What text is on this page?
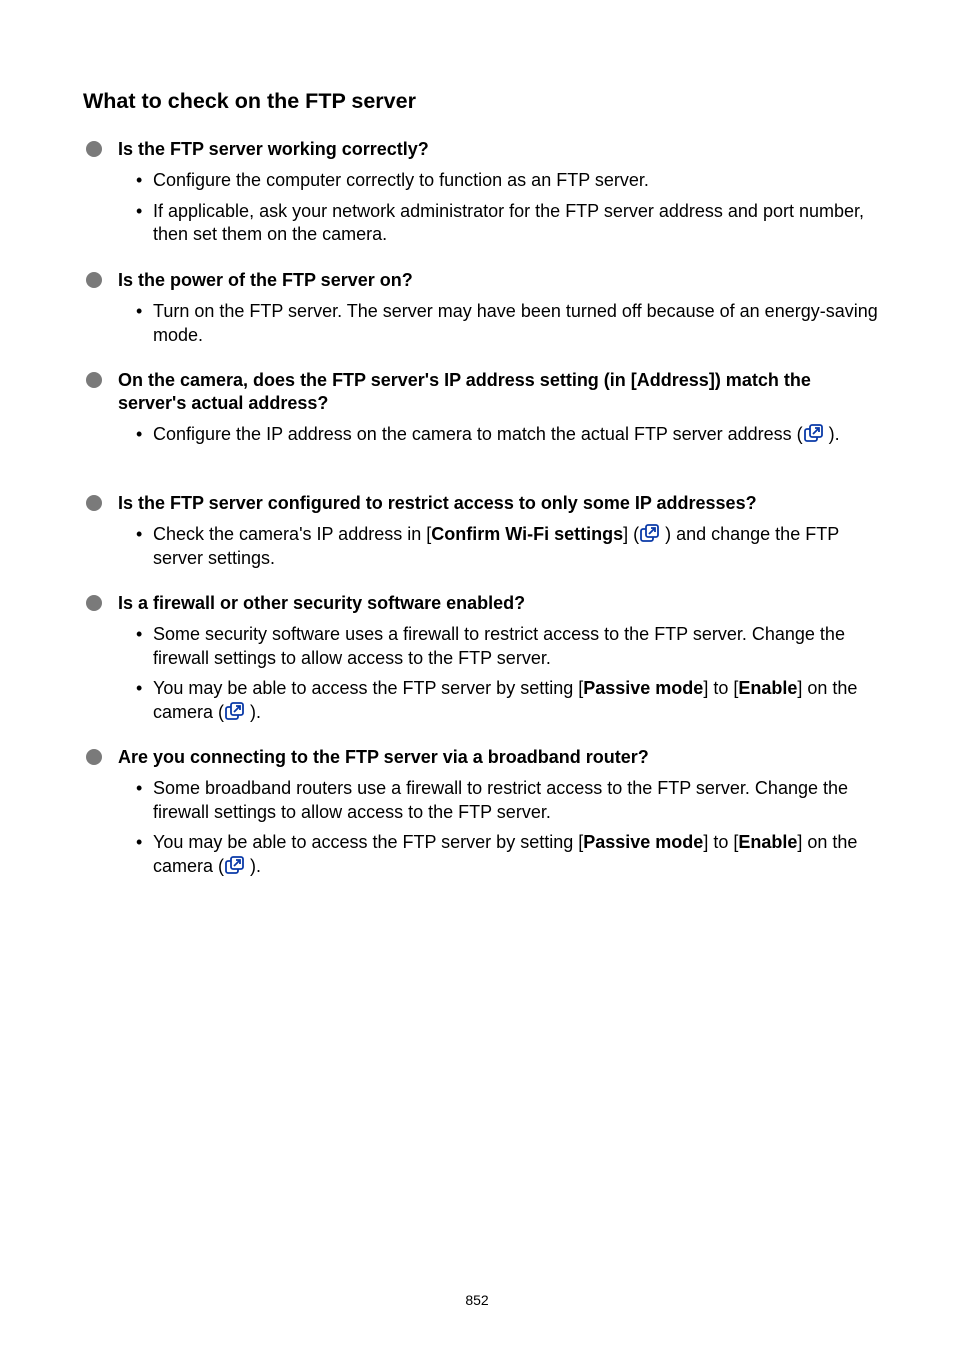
What to check on the FTP server
Is the FTP server working correctly?
• Configure the computer correctly to function as an FTP server.
• If applicable, ask your network administrator for the FTP server address and port number, then set them on the camera.
Is the power of the FTP server on?
• Turn on the FTP server. The server may have been turned off because of an energy-saving mode.
On the camera, does the FTP server's IP address setting (in [Address]) match the server's actual address?
• Configure the IP address on the camera to match the actual FTP server address ( ).
Is the FTP server configured to restrict access to only some IP addresses?
• Check the camera's IP address in [Confirm Wi-Fi settings] ( ) and change the FTP server settings.
Is a firewall or other security software enabled?
• Some security software uses a firewall to restrict access to the FTP server. Change the firewall settings to allow access to the FTP server.
• You may be able to access the FTP server by setting [Passive mode] to [Enable] on the camera ( ).
Are you connecting to the FTP server via a broadband router?
• Some broadband routers use a firewall to restrict access to the FTP server. Change the firewall settings to allow access to the FTP server.
• You may be able to access the FTP server by setting [Passive mode] to [Enable] on the camera ( ).
852
